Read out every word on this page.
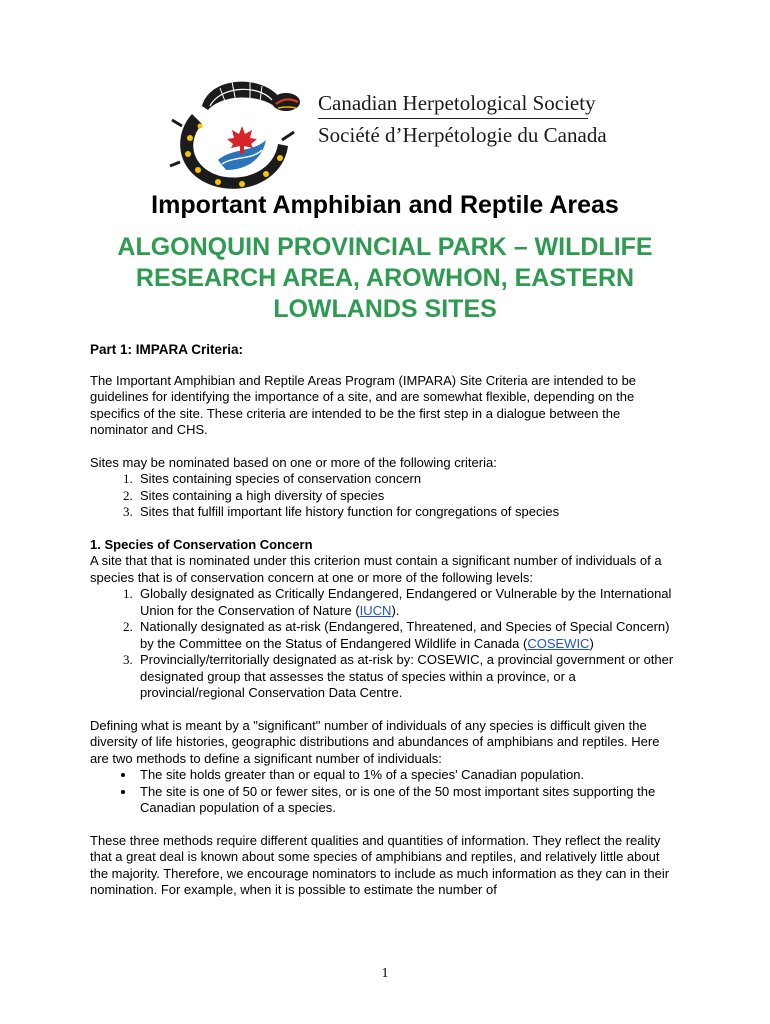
Canadian Herpetological Society
Société d’Herpétologie du Canada
Important Amphibian and Reptile Areas
ALGONQUIN PROVINCIAL PARK – WILDLIFE
RESEARCH AREA, AROWHON, EASTERN
LOWLANDS SITES

Part 1: IMPARA Criteria:

The Important Amphibian and Reptile Areas Program (IMPARA) Site Criteria are intended to be guidelines for identifying the importance of a site, and are somewhat flexible, depending on the specifics of the site. These criteria are intended to be the first step in a dialogue between the nominator and CHS.

Sites may be nominated based on one or more of the following criteria:

1. Sites containing species of conservation concern
2. Sites containing a high diversity of species
3. Sites that fulfill important life history function for congregations of species

1. Species of Conservation Concern

A site that that is nominated under this criterion must contain a significant number of individuals of a species that is of conservation concern at one or more of the following levels:

1. Globally designated as Critically Endangered, Endangered or Vulnerable by the International Union for the Conservation of Nature (IUCN).
2. Nationally designated as at-risk (Endangered, Threatened, and Species of Special Concern) by the Committee on the Status of Endangered Wildlife in Canada (COSEWIC)
3. Provincially/territorially designated as at-risk by: COSEWIC, a provincial government or other designated group that assesses the status of species within a province, or a provincial/regional Conservation Data Centre.

Defining what is meant by a "significant" number of individuals of any species is difficult given the diversity of life histories, geographic distributions and abundances of amphibians and reptiles. Here are two methods to define a significant number of individuals:

• The site holds greater than or equal to 1% of a species' Canadian population.
• The site is one of 50 or fewer sites, or is one of the 50 most important sites supporting the Canadian population of a species.

These three methods require different qualities and quantities of information. They reflect the reality that a great deal is known about some species of amphibians and reptiles, and relatively little about the majority. Therefore, we encourage nominators to include as much information as they can in their nomination. For example, when it is possible to estimate the number of

1
